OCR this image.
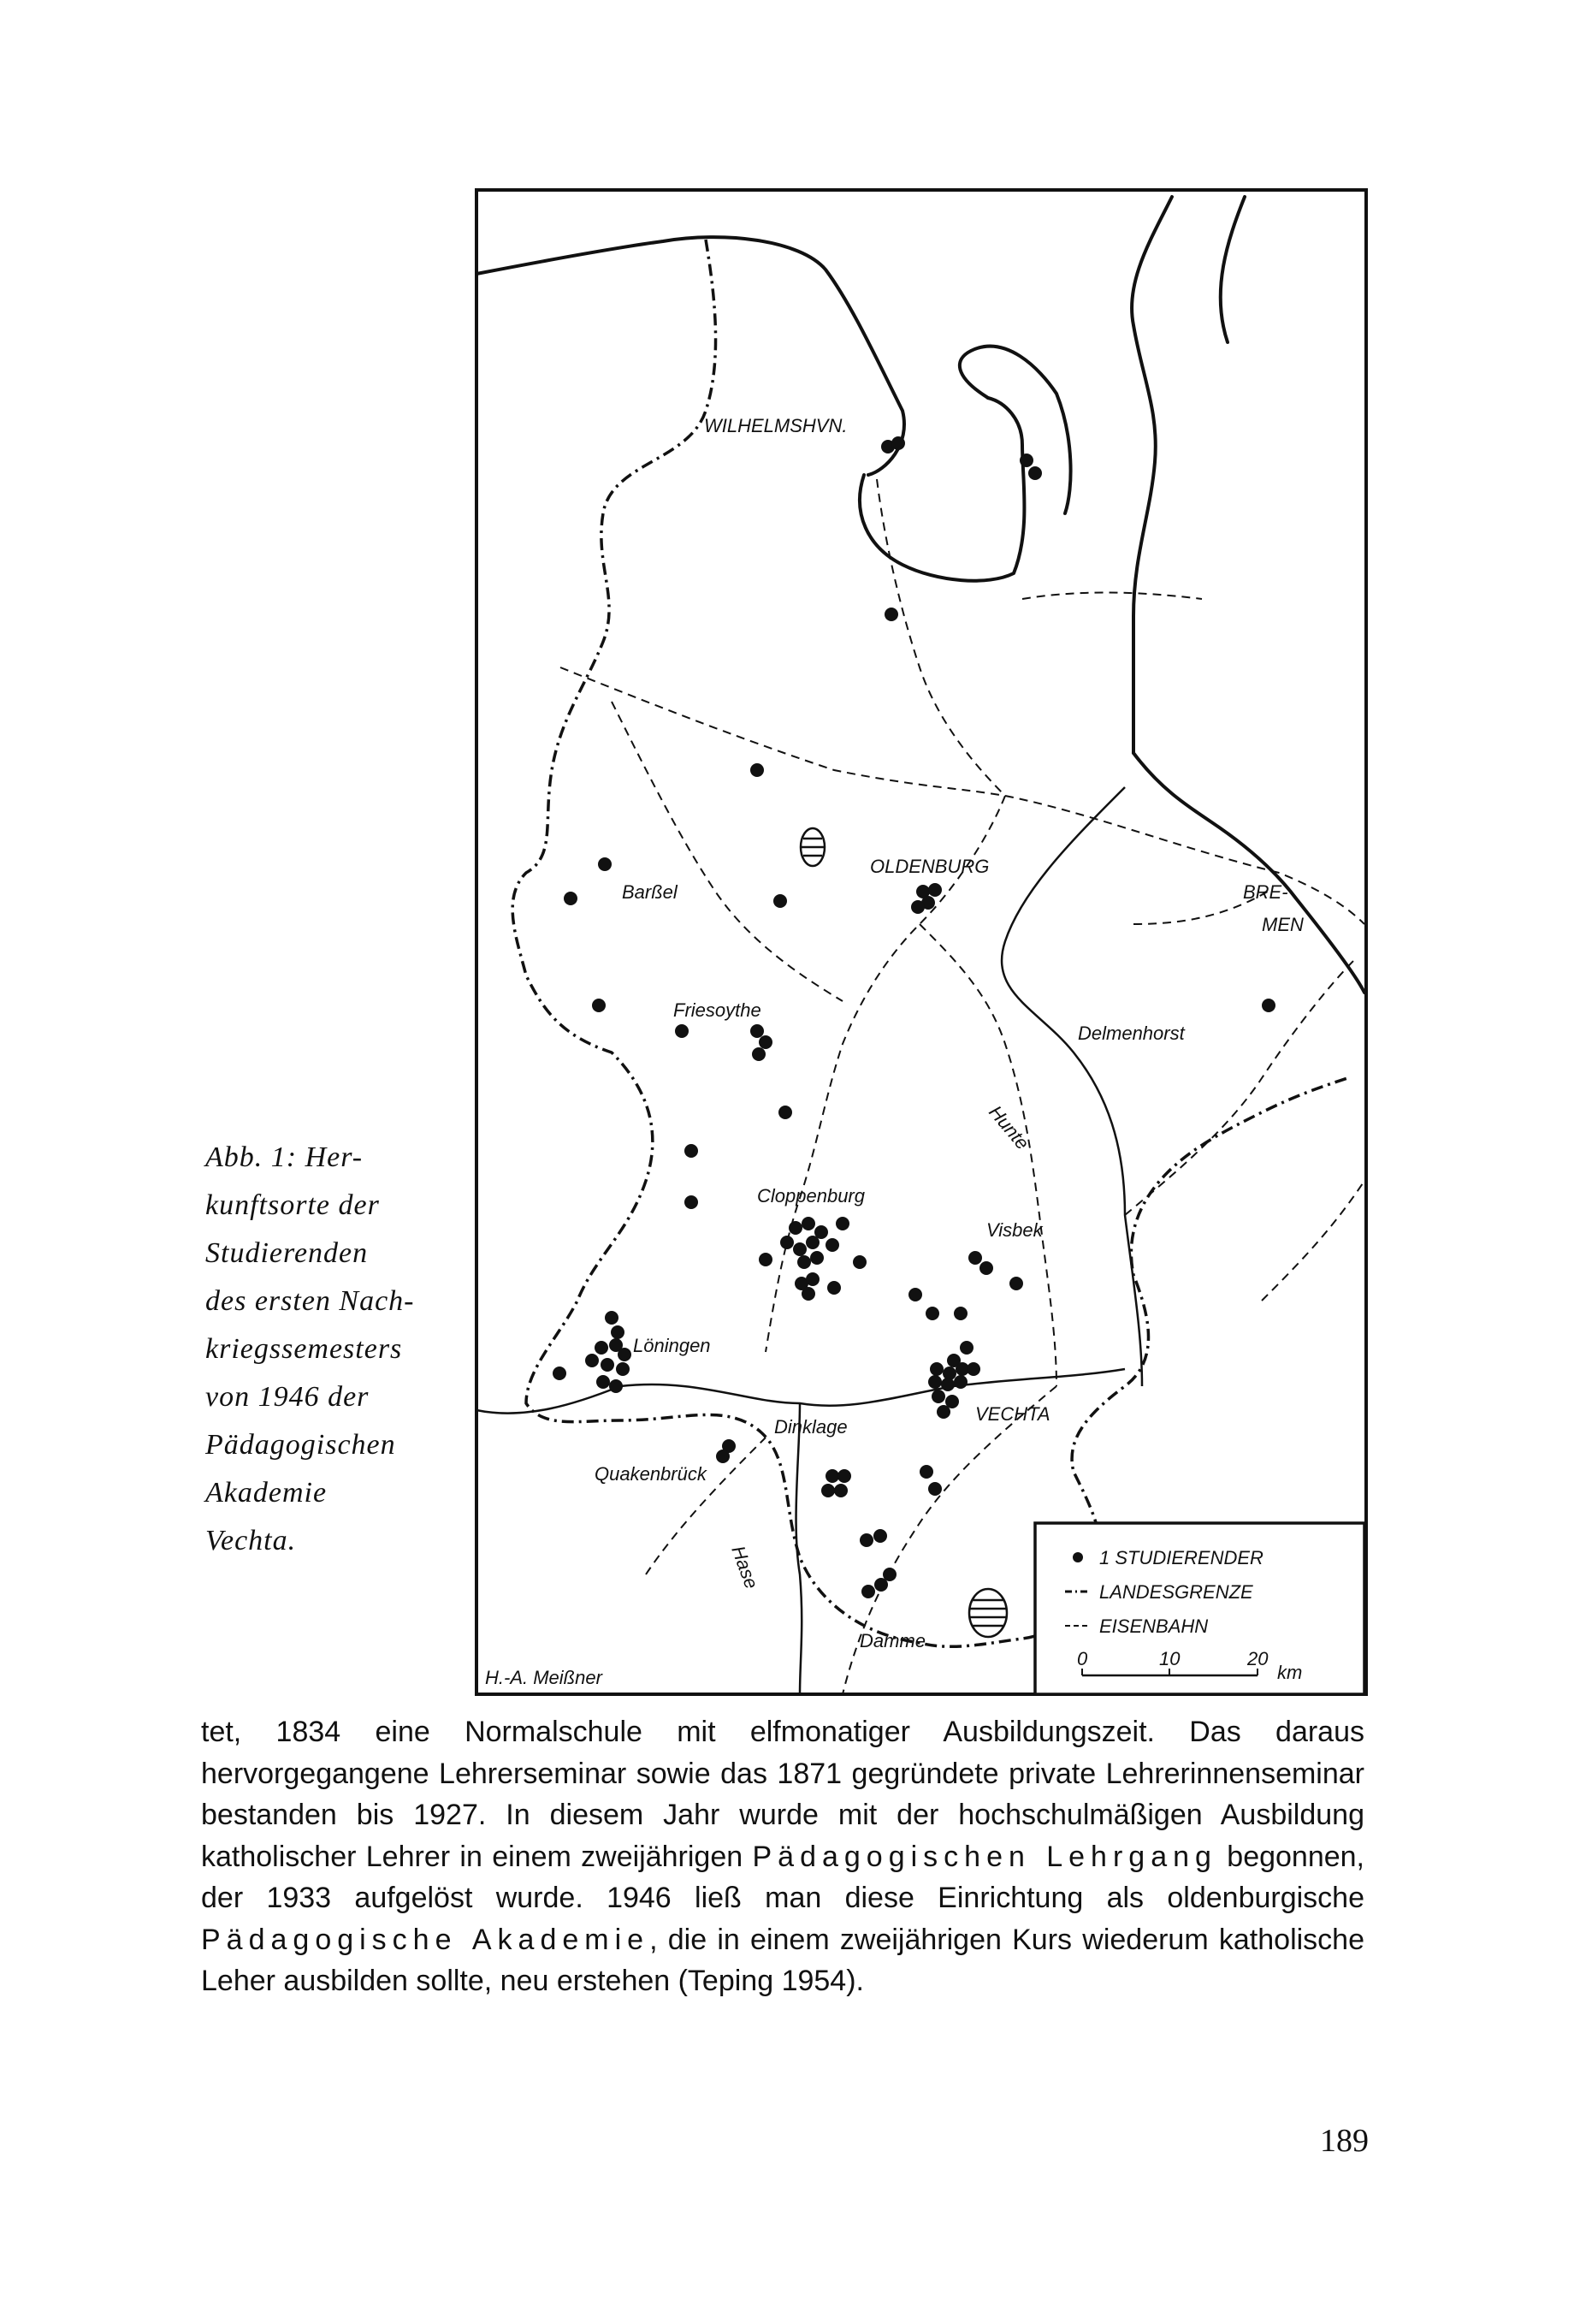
Abb. 1: Her-
kunftsorte der
Studierenden
des ersten Nach-
kriegssemesters
von 1946 der
Pädagogischen
Akademie
Vechta.
WILHELMSHVN.
OLDENBURG
BRE-
MEN
Barßel
Friesoythe
Delmenhorst
Hunte
Cloppenburg
Visbek
Löningen
Dinklage
VECHTA
Quakenbrück
Hase
Damme
H.-A. Meißner
1 STUDIERENDER
LANDESGRENZE
EISENBAHN
0	10	20
km

tet, 1834 eine Normalschule mit elfmonatiger Ausbildungszeit. Das daraus hervorgegangene Lehrerseminar sowie das 1871 gegründete private Lehrerinnenseminar bestanden bis 1927. In diesem Jahr wurde mit der hochschulmäßigen Ausbildung katholischer Lehrer in einem zweijährigen Pädagogischen Lehrgang begonnen, der 1933 aufgelöst wurde. 1946 ließ man diese Einrichtung als oldenburgische Pädagogische Akademie, die in einem zweijährigen Kurs wiederum katholische Leher ausbilden sollte, neu erstehen (Teping 1954).

189
